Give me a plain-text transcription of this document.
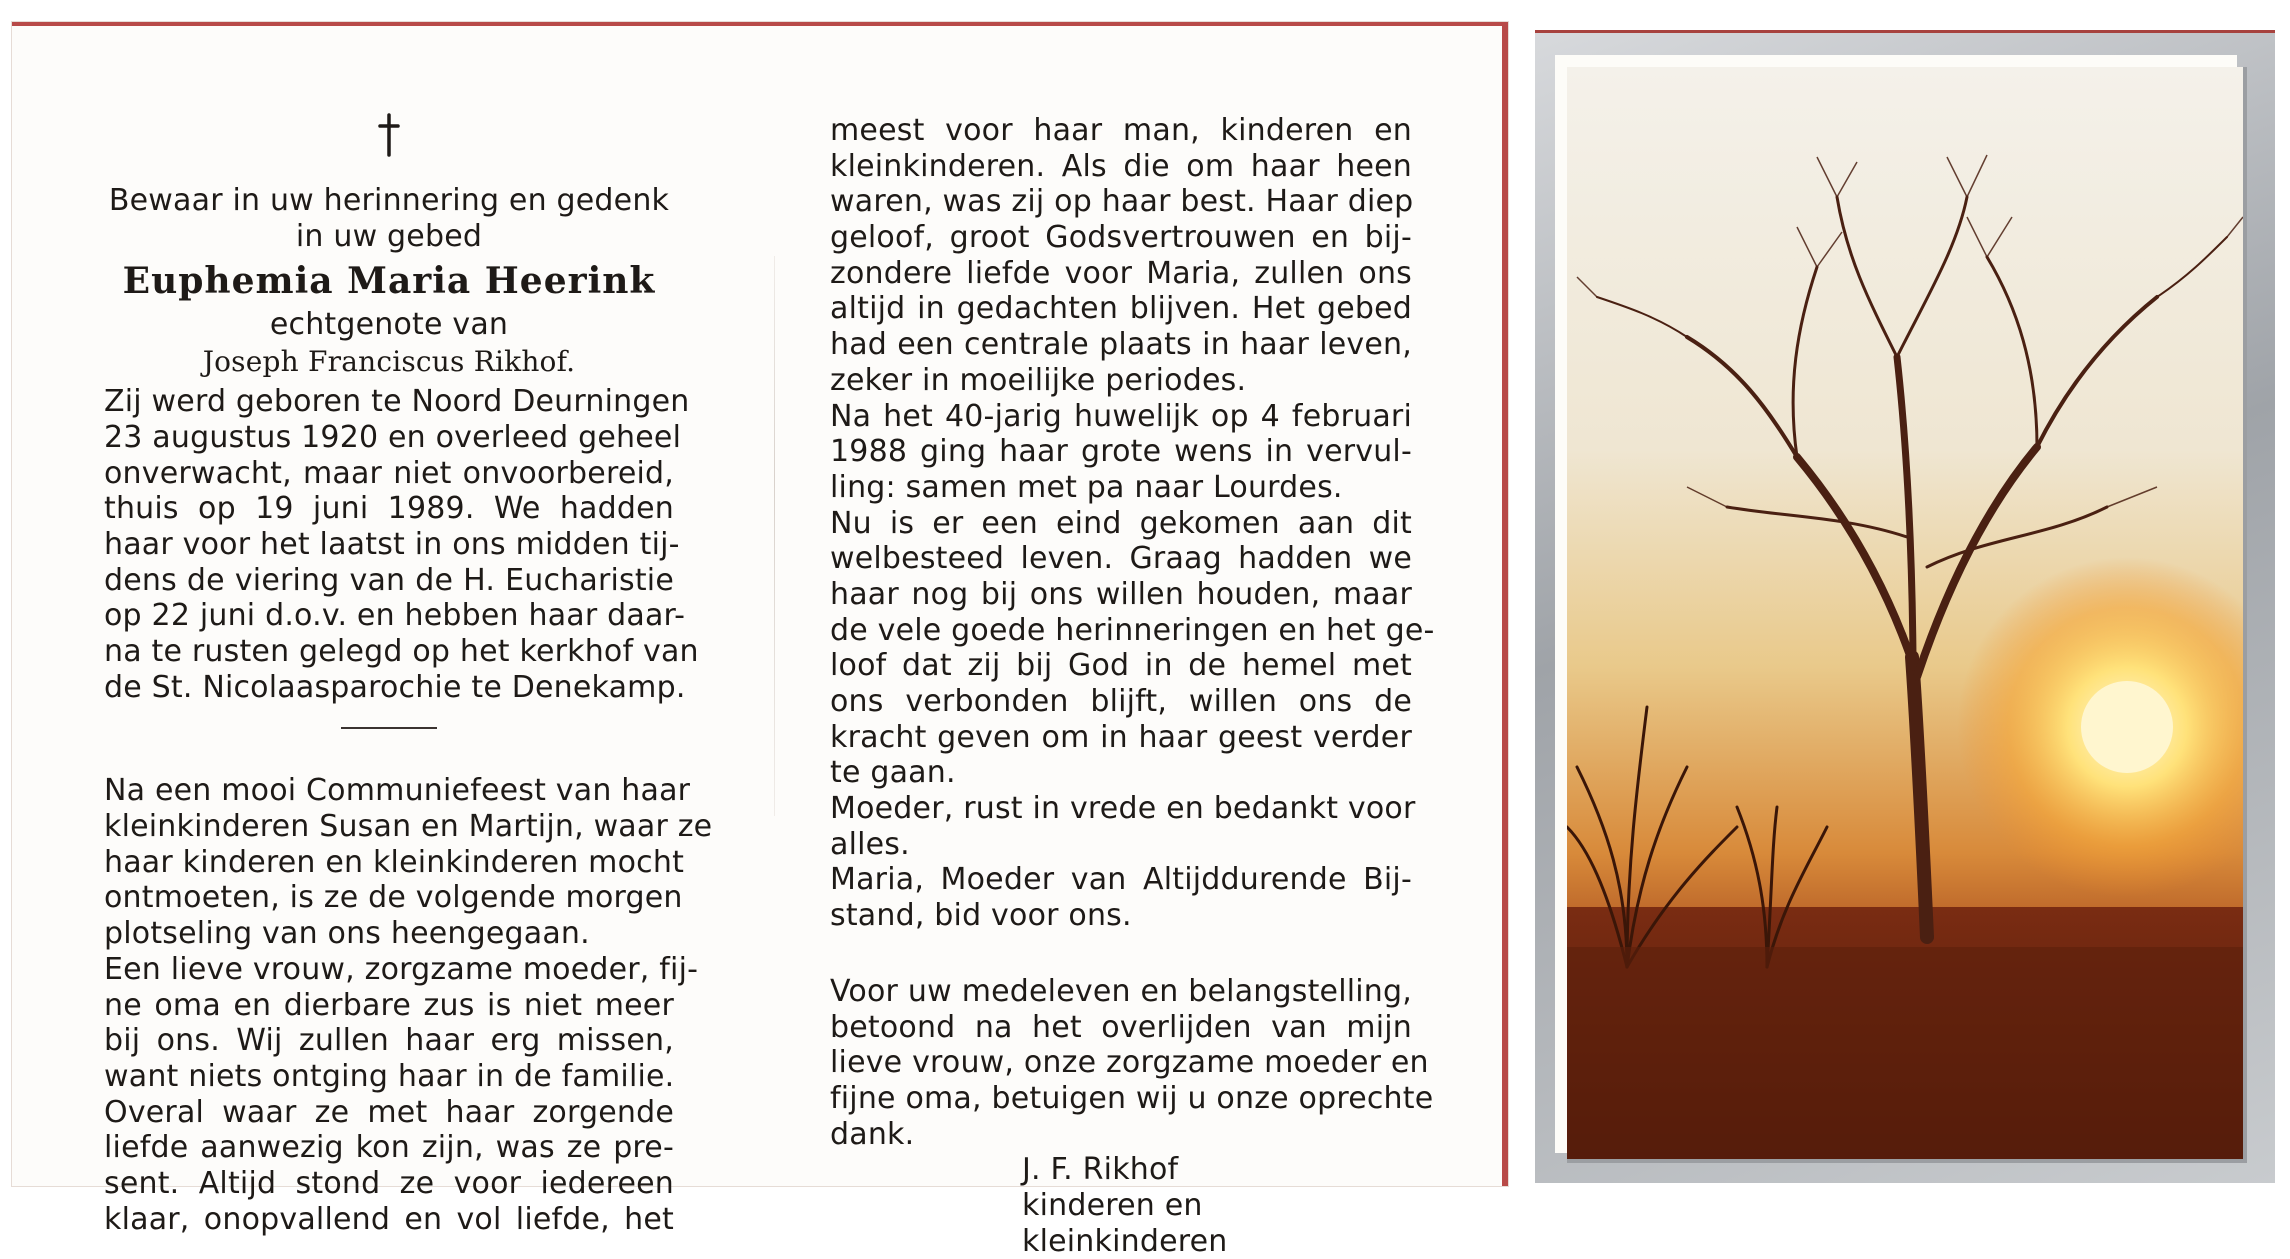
Bewaar in uw herinnering en gedenk
in uw gebed
Euphemia Maria Heerink
echtgenote van
Joseph Franciscus Rikhof.
Zij werd geboren te Noord Deurningen
23 augustus 1920 en overleed geheel
onverwacht, maar niet onvoorbereid,
thuis op 19 juni 1989. We hadden
haar voor het laatst in ons midden tij-
dens de viering van de H. Eucharistie
op 22 juni d.o.v. en hebben haar daar-
na te rusten gelegd op het kerkhof van
de St. Nicolaasparochie te Denekamp.
Na een mooi Communiefeest van haar
kleinkinderen Susan en Martijn, waar ze
haar kinderen en kleinkinderen mocht
ontmoeten, is ze de volgende morgen
plotseling van ons heengegaan.
Een lieve vrouw, zorgzame moeder, fij-
ne oma en dierbare zus is niet meer
bij ons. Wij zullen haar erg missen,
want niets ontging haar in de familie.
Overal waar ze met haar zorgende
liefde aanwezig kon zijn, was ze pre-
sent. Altijd stond ze voor iedereen
klaar, onopvallend en vol liefde, het
meest voor haar man, kinderen en
kleinkinderen. Als die om haar heen
waren, was zij op haar best. Haar diep
geloof, groot Godsvertrouwen en bij-
zondere liefde voor Maria, zullen ons
altijd in gedachten blijven. Het gebed
had een centrale plaats in haar leven,
zeker in moeilijke periodes.
Na het 40-jarig huwelijk op 4 februari
1988 ging haar grote wens in vervul-
ling: samen met pa naar Lourdes.
Nu is er een eind gekomen aan dit
welbesteed leven. Graag hadden we
haar nog bij ons willen houden, maar
de vele goede herinneringen en het ge-
loof dat zij bij God in de hemel met
ons verbonden blijft, willen ons de
kracht geven om in haar geest verder
te gaan.
Moeder, rust in vrede en bedankt voor
alles.
Maria, Moeder van Altijddurende Bij-
stand, bid voor ons.
Voor uw medeleven en belangstelling,
betoond na het overlijden van mijn
lieve vrouw, onze zorgzame moeder en
fijne oma, betuigen wij u onze oprechte
dank.
J. F. Rikhof
kinderen en kleinkinderen
